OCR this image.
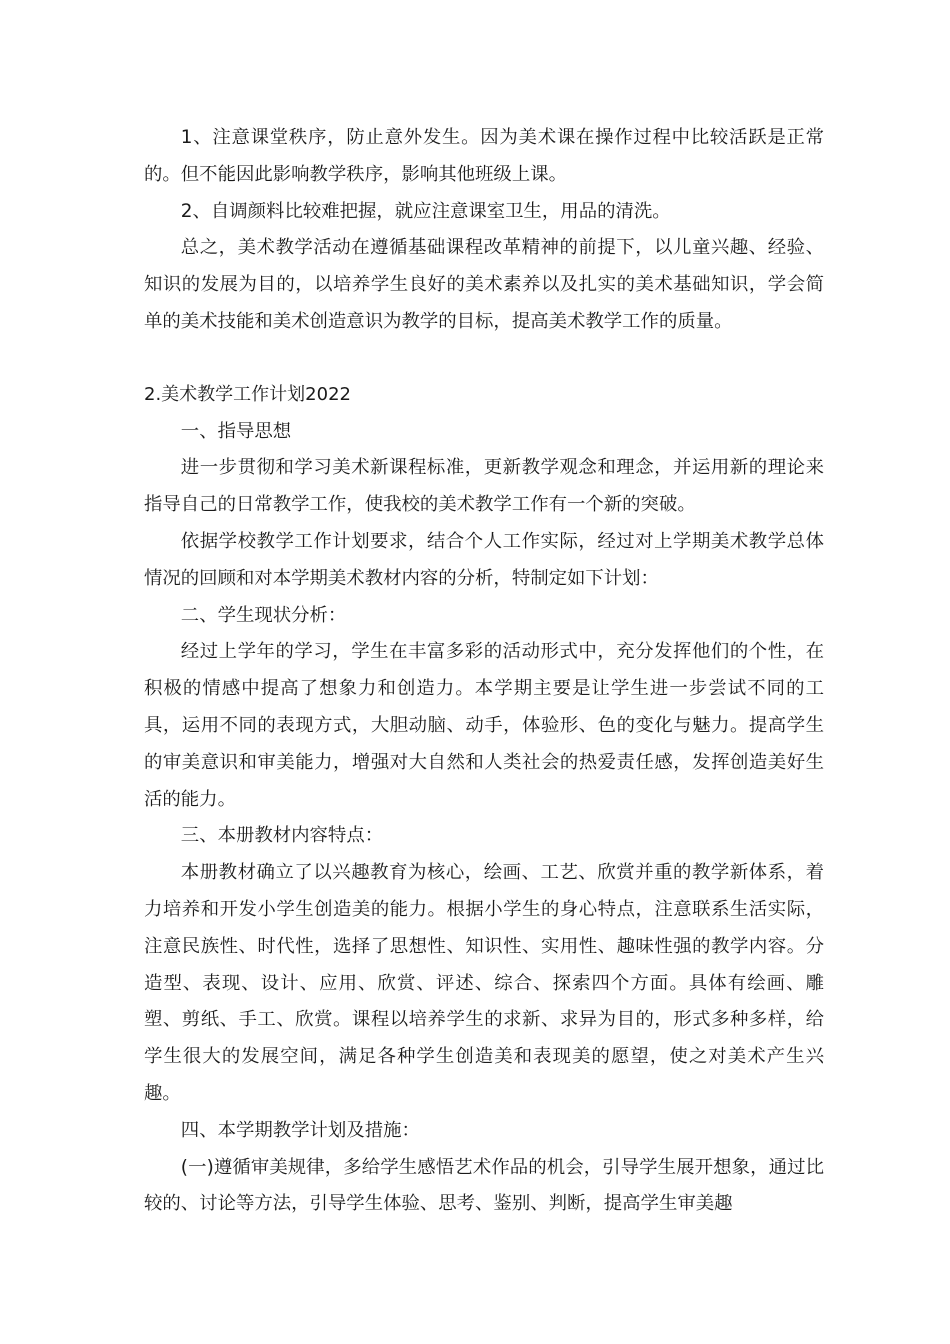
1、注意课堂秩序，防止意外发生。因为美术课在操作过程中比较活跃是正常的。但不能因此影响教学秩序，影响其他班级上课。

2、自调颜料比较难把握，就应注意课室卫生，用品的清洗。

总之，美术教学活动在遵循基础课程改革精神的前提下，以儿童兴趣、经验、知识的发展为目的，以培养学生良好的美术素养以及扎实的美术基础知识，学会简单的美术技能和美术创造意识为教学的目标，提高美术教学工作的质量。

2.美术教学工作计划2022

一、指导思想

进一步贯彻和学习美术新课程标准，更新教学观念和理念，并运用新的理论来指导自己的日常教学工作，使我校的美术教学工作有一个新的突破。

依据学校教学工作计划要求，结合个人工作实际，经过对上学期美术教学总体情况的回顾和对本学期美术教材内容的分析，特制定如下计划：

二、学生现状分析：

经过上学年的学习，学生在丰富多彩的活动形式中，充分发挥他们的个性，在积极的情感中提高了想象力和创造力。本学期主要是让学生进一步尝试不同的工具，运用不同的表现方式，大胆动脑、动手，体验形、色的变化与魅力。提高学生的审美意识和审美能力，增强对大自然和人类社会的热爱责任感，发挥创造美好生活的能力。

三、本册教材内容特点：

本册教材确立了以兴趣教育为核心，绘画、工艺、欣赏并重的教学新体系，着力培养和开发小学生创造美的能力。根据小学生的身心特点，注意联系生活实际，注意民族性、时代性，选择了思想性、知识性、实用性、趣味性强的教学内容。分造型、表现、设计、应用、欣赏、评述、综合、探索四个方面。具体有绘画、雕塑、剪纸、手工、欣赏。课程以培养学生的求新、求异为目的，形式多种多样，给学生很大的发展空间，满足各种学生创造美和表现美的愿望，使之对美术产生兴趣。

四、本学期教学计划及措施：

(一)遵循审美规律，多给学生感悟艺术作品的机会，引导学生展开想象，通过比较的、讨论等方法，引导学生体验、思考、鉴别、判断，提高学生审美趣
